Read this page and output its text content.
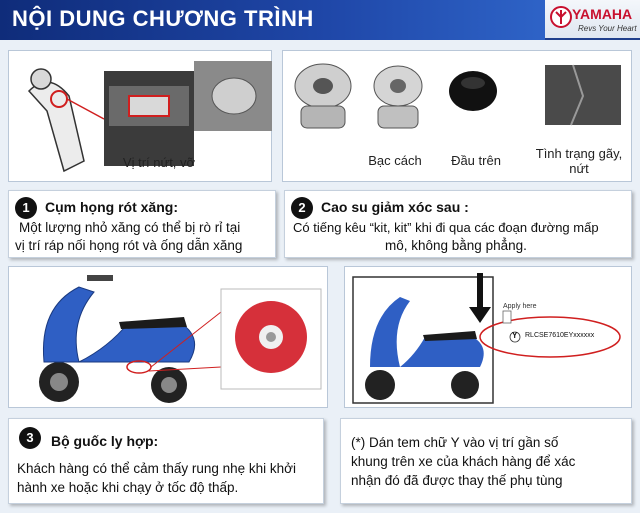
NỘI DUNG CHƯƠNG TRÌNH	YAMAHA
Revs Your Heart
Vị trí nứt, vỡ	Bạc cách	Đầu trên	Tình trạng gãy, nứt
1	Cụm họng rót xăng:
Một lượng nhỏ xăng có thể bị rò rỉ tại
vị trí ráp nối họng rót và ống dẫn xăng
2	Cao su giảm xóc sau :
Có tiếng kêu “kit, kit” khi đi qua các đoạn đường mấp
mô, không bằng phẳng.
Apply here
Y RLCSE7610EYxxxxxx
3	Bộ guốc ly hợp:
Khách hàng có thể cảm thấy rung nhẹ khi khởi
hành xe hoặc khi chạy ở tốc độ thấp.
(*) Dán tem chữ Y vào vị trí gần số
khung trên xe của khách hàng để xác
nhận đó đã được thay thế phụ tùng
